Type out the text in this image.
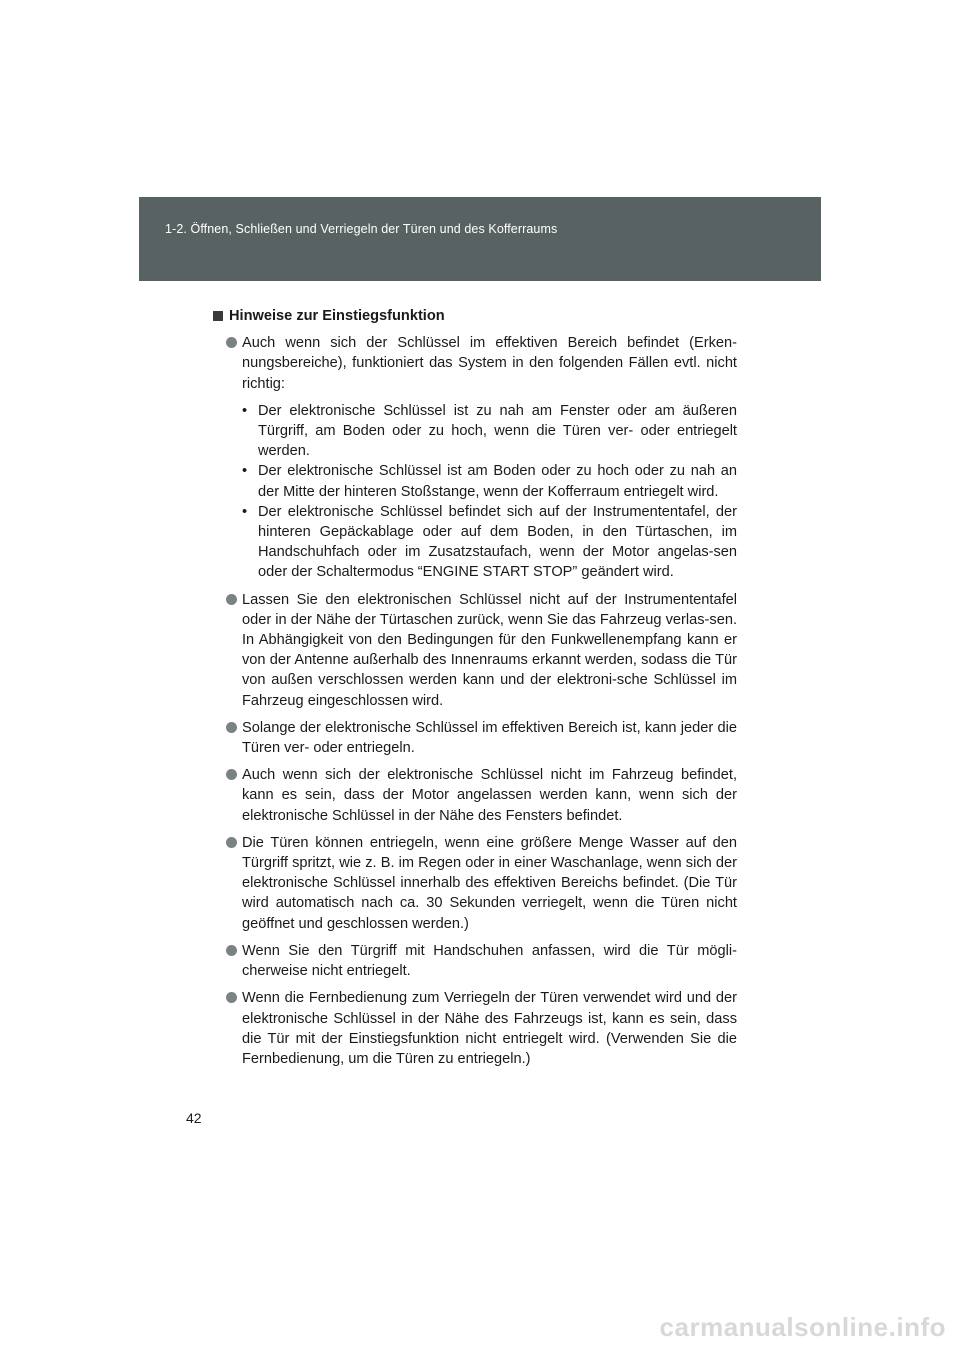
1-2. Öffnen, Schließen und Verriegeln der Türen und des Kofferraums
Hinweise zur Einstiegsfunktion
Auch wenn sich der Schlüssel im effektiven Bereich befindet (Erken-nungsbereiche), funktioniert das System in den folgenden Fällen evtl. nicht richtig:
• Der elektronische Schlüssel ist zu nah am Fenster oder am äußeren Türgriff, am Boden oder zu hoch, wenn die Türen ver- oder entriegelt werden.
• Der elektronische Schlüssel ist am Boden oder zu hoch oder zu nah an der Mitte der hinteren Stoßstange, wenn der Kofferraum entriegelt wird.
• Der elektronische Schlüssel befindet sich auf der Instrumententafel, der hinteren Gepäckablage oder auf dem Boden, in den Türtaschen, im Handschuhfach oder im Zusatzstaufach, wenn der Motor angelas-sen oder der Schaltermodus “ENGINE START STOP” geändert wird.
Lassen Sie den elektronischen Schlüssel nicht auf der Instrumententafel oder in der Nähe der Türtaschen zurück, wenn Sie das Fahrzeug verlas-sen. In Abhängigkeit von den Bedingungen für den Funkwellenempfang kann er von der Antenne außerhalb des Innenraums erkannt werden, sodass die Tür von außen verschlossen werden kann und der elektroni-sche Schlüssel im Fahrzeug eingeschlossen wird.
Solange der elektronische Schlüssel im effektiven Bereich ist, kann jeder die Türen ver- oder entriegeln.
Auch wenn sich der elektronische Schlüssel nicht im Fahrzeug befindet, kann es sein, dass der Motor angelassen werden kann, wenn sich der elektronische Schlüssel in der Nähe des Fensters befindet.
Die Türen können entriegeln, wenn eine größere Menge Wasser auf den Türgriff spritzt, wie z. B. im Regen oder in einer Waschanlage, wenn sich der elektronische Schlüssel innerhalb des effektiven Bereichs befindet. (Die Tür wird automatisch nach ca. 30 Sekunden verriegelt, wenn die Türen nicht geöffnet und geschlossen werden.)
Wenn Sie den Türgriff mit Handschuhen anfassen, wird die Tür mögli-cherweise nicht entriegelt.
Wenn die Fernbedienung zum Verriegeln der Türen verwendet wird und der elektronische Schlüssel in der Nähe des Fahrzeugs ist, kann es sein, dass die Tür mit der Einstiegsfunktion nicht entriegelt wird. (Verwenden Sie die Fernbedienung, um die Türen zu entriegeln.)
42
carmanualsonline.info
